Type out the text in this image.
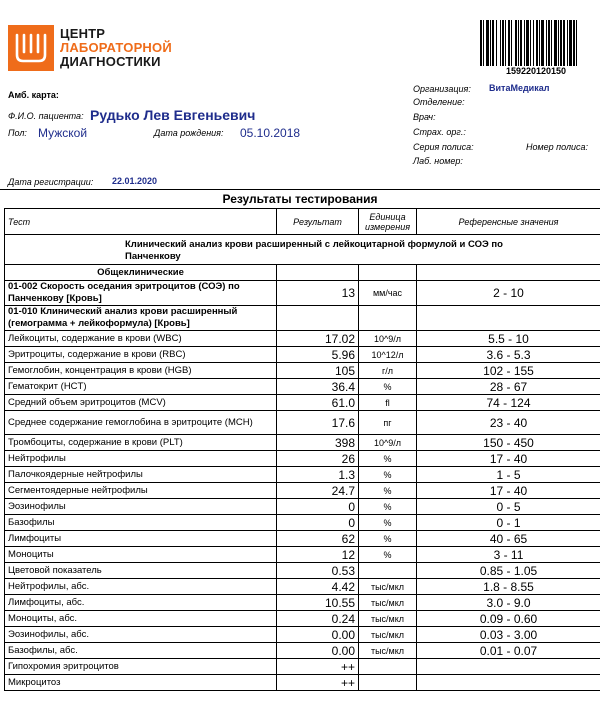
ЦЕНТР
ЛАБОРАТОРНОЙ
ДИАГНОСТИКИ
159220120150
Амб. карта:
Ф.И.О. пациента: Рудько Лев Евгеньевич
Пол: Мужской	Дата рождения: 05.10.2018
Организация: ВитаМедикал
Отделение:
Врач:
Страх. орг.:
Серия полиса:	Номер полиса:
Лаб. номер:
Дата регистрации: 22.01.2020
Результаты тестирования
Тест	Результат	Единица измерения	Референсные значения
Клинический анализ крови расширенный с лейкоцитарной формулой и СОЭ по Панченкову			
Общеклинические			
01-002 Скорость оседания эритроцитов (СОЭ) по Панченкову [Кровь]	13	мм/час	2 - 10
01-010 Клинический анализ крови расширенный (гемограмма + лейкоформула) [Кровь]			
Лейкоциты, содержание в крови (WBC)	17.02	10^9/л	5.5 - 10
Эритроциты, содержание в крови (RBC)	5.96	10^12/л	3.6 - 5.3
Гемоглобин, концентрация в крови (HGB)	105	г/л	102 - 155
Гематокрит (HCT)	36.4	%	28 - 67
Средний объем эритроцитов (MCV)	61.0	fl	74 - 124
Среднее содержание гемоглобина в эритроците (MCH)	17.6	пг	23 - 40
Тромбоциты, содержание в крови (PLT)	398	10^9/л	150 - 450
Нейтрофилы	26	%	17 - 40
Палочкоядерные нейтрофилы	1.3	%	1 - 5
Сегментоядерные нейтрофилы	24.7	%	17 - 40
Эозинофилы	0	%	0 - 5
Базофилы	0	%	0 - 1
Лимфоциты	62	%	40 - 65
Моноциты	12	%	3 - 11
Цветовой показатель	0.53		0.85 - 1.05
Нейтрофилы, абс.	4.42	тыс/мкл	1.8 - 8.55
Лимфоциты, абс.	10.55	тыс/мкл	3.0 - 9.0
Моноциты, абс.	0.24	тыс/мкл	0.09 - 0.60
Эозинофилы, абс.	0.00	тыс/мкл	0.03 - 3.00
Базофилы, абс.	0.00	тыс/мкл	0.01 - 0.07
Гипохромия эритроцитов	++		
Микроцитоз	++		
